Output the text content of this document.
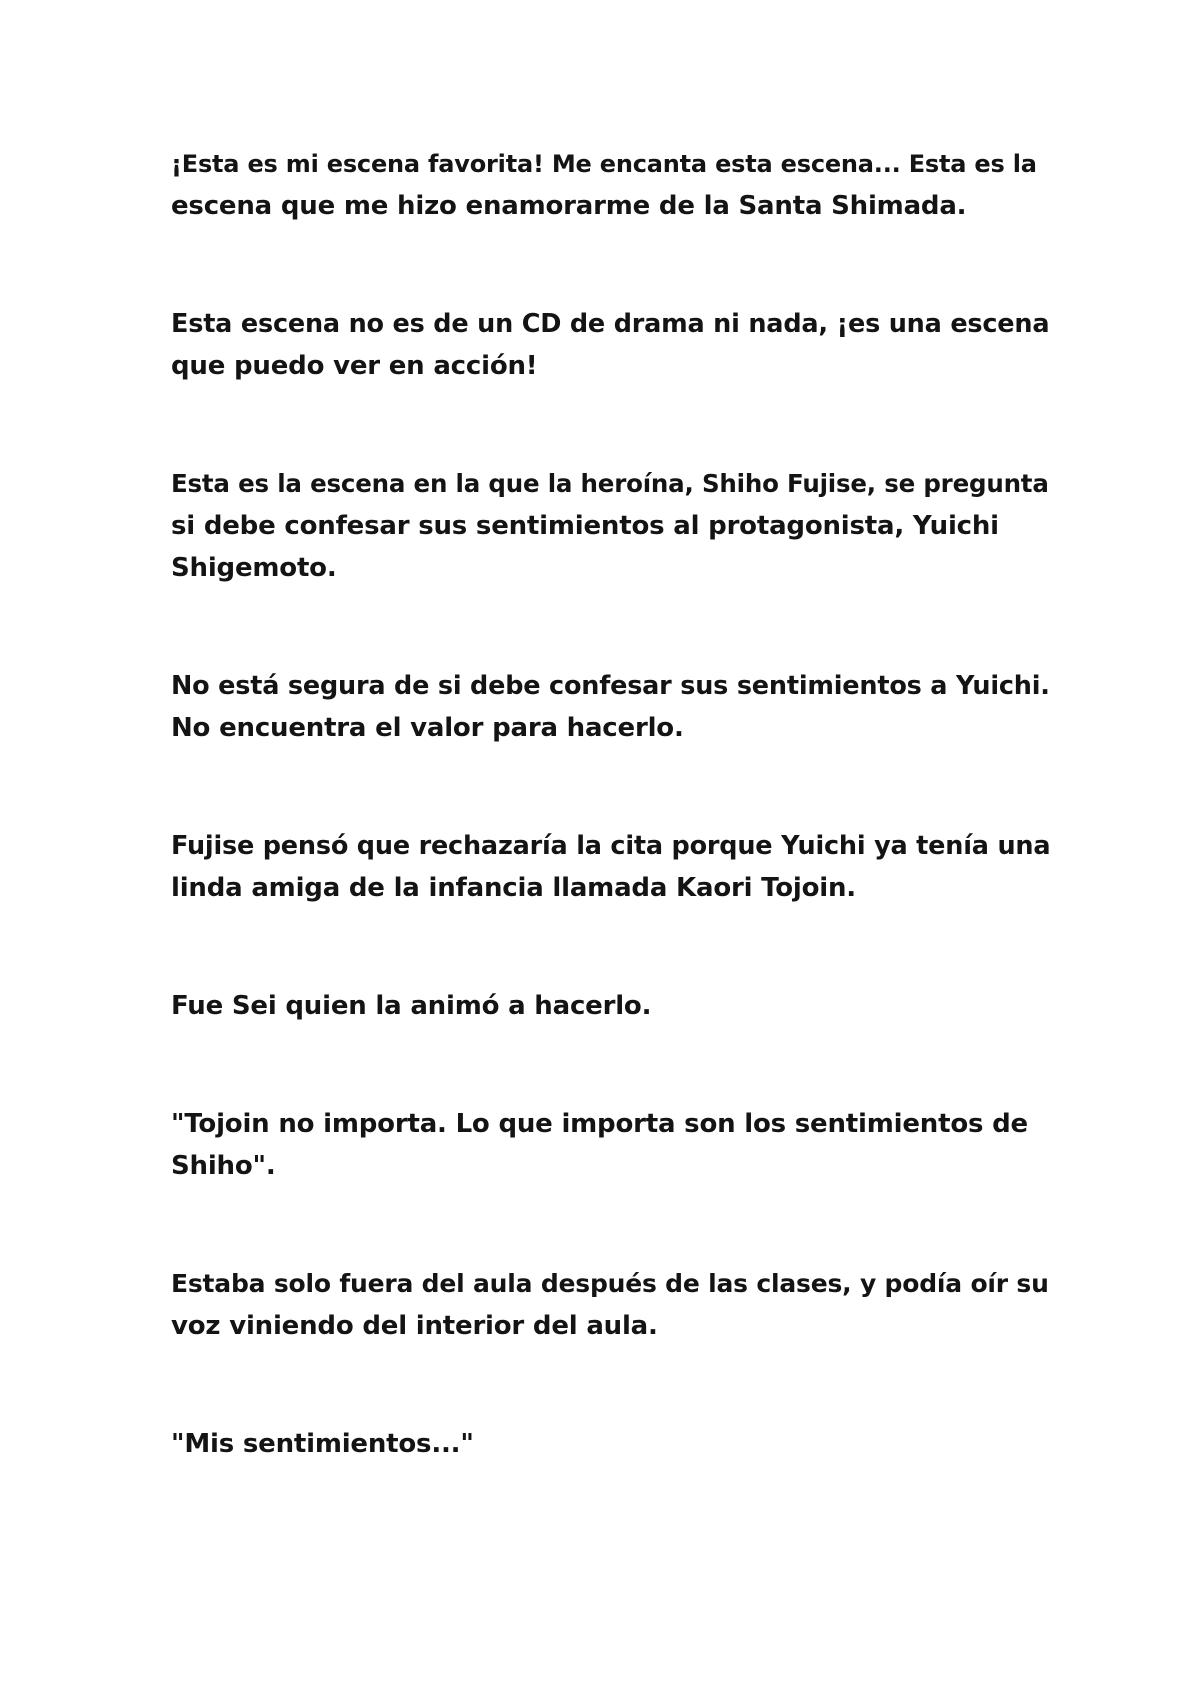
¡Esta es mi escena favorita! Me encanta esta escena... Esta es la
escena que me hizo enamorarme de la Santa Shimada.

Esta escena no es de un CD de drama ni nada, ¡es una escena
que puedo ver en acción!

Esta es la escena en la que la heroína, Shiho Fujise, se pregunta
si debe confesar sus sentimientos al protagonista, Yuichi
Shigemoto.

No está segura de si debe confesar sus sentimientos a Yuichi.
No encuentra el valor para hacerlo.

Fujise pensó que rechazaría la cita porque Yuichi ya tenía una
linda amiga de la infancia llamada Kaori Tojoin.

Fue Sei quien la animó a hacerlo.

"Tojoin no importa. Lo que importa son los sentimientos de
Shiho".

Estaba solo fuera del aula después de las clases, y podía oír su
voz viniendo del interior del aula.

"Mis sentimientos..."
